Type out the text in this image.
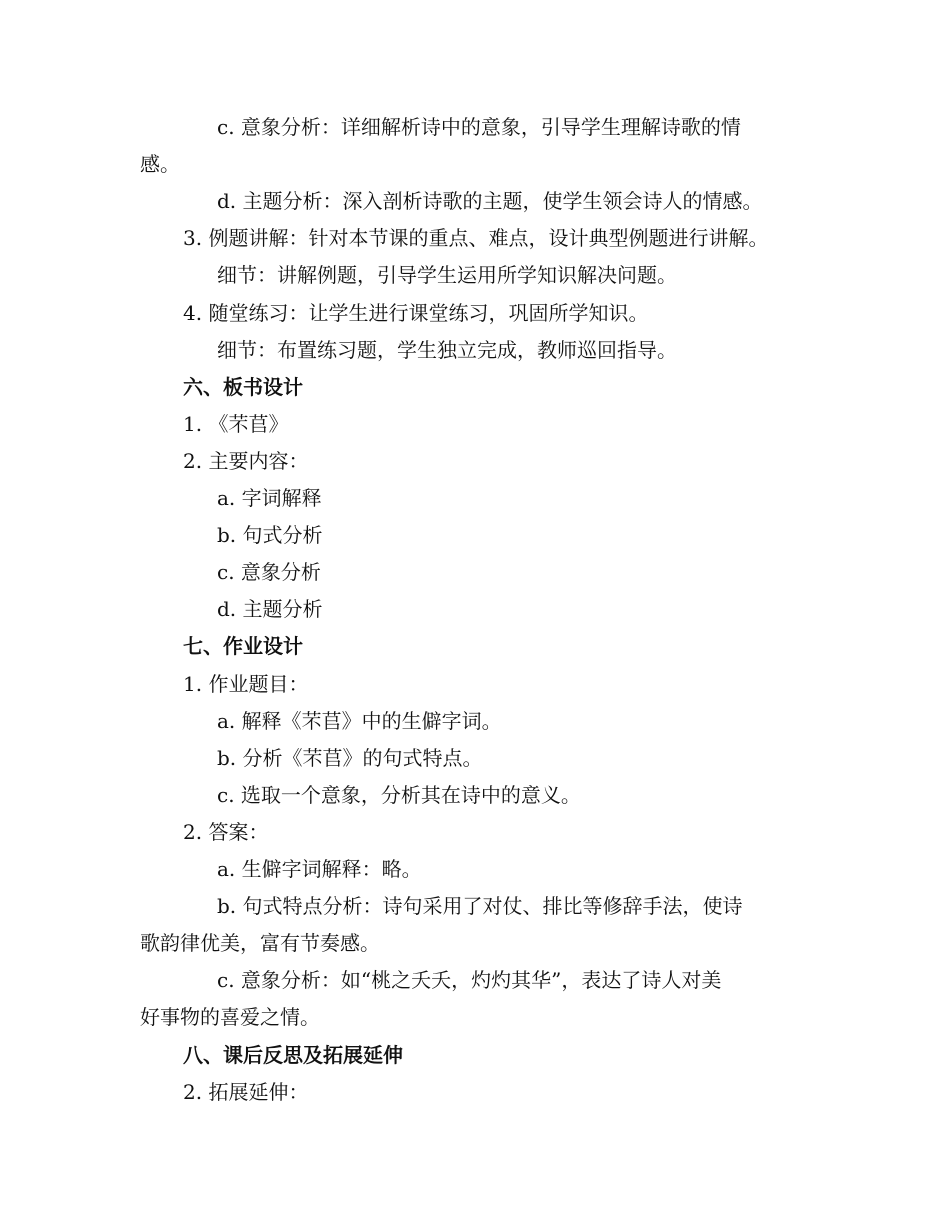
c. 意象分析：详细解析诗中的意象，引导学生理解诗歌的情
感。
d. 主题分析：深入剖析诗歌的主题，使学生领会诗人的情感。
3. 例题讲解：针对本节课的重点、难点，设计典型例题进行讲解。
细节：讲解例题，引导学生运用所学知识解决问题。
4. 随堂练习：让学生进行课堂练习，巩固所学知识。
细节：布置练习题，学生独立完成，教师巡回指导。
六、板书设计
1. 《芣苢》
2. 主要内容：
a. 字词解释
b. 句式分析
c. 意象分析
d. 主题分析
七、作业设计
1. 作业题目：
a. 解释《芣苢》中的生僻字词。
b. 分析《芣苢》的句式特点。
c. 选取一个意象，分析其在诗中的意义。
2. 答案：
a. 生僻字词解释：略。
b. 句式特点分析：诗句采用了对仗、排比等修辞手法，使诗
歌韵律优美，富有节奏感。
c. 意象分析：如“桃之夭夭，灼灼其华”，表达了诗人对美
好事物的喜爱之情。
八、课后反思及拓展延伸
2. 拓展延伸：
